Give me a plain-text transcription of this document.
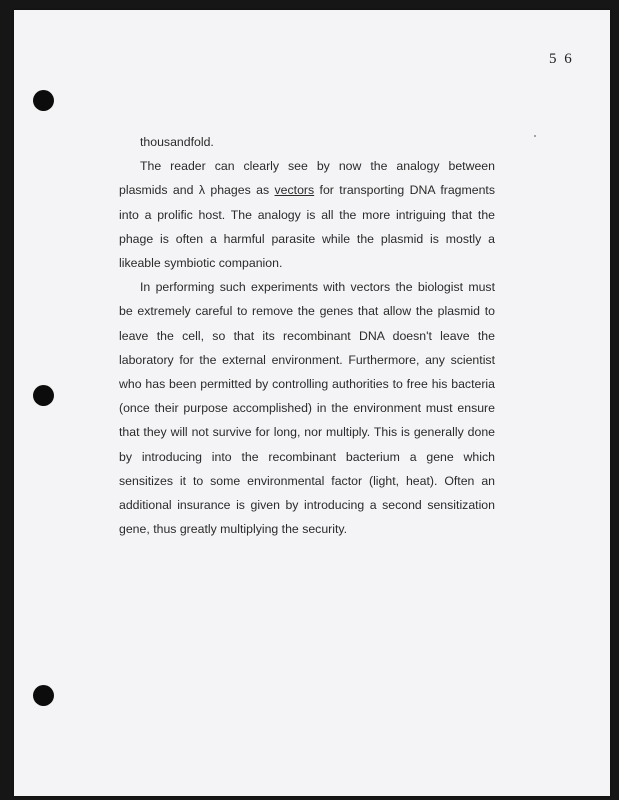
5 6

thousandfold.

The reader can clearly see by now the analogy between plasmids and λ phages as vectors for transporting DNA fragments into a prolific host. The analogy is all the more intriguing that the phage is often a harmful parasite while the plasmid is mostly a likeable symbiotic companion.

In performing such experiments with vectors the biologist must be extremely careful to remove the genes that allow the plasmid to leave the cell, so that its recombinant DNA doesn't leave the laboratory for the external environment. Furthermore, any scientist who has been permitted by controlling authorities to free his bacteria (once their purpose accomplished) in the environment must ensure that they will not survive for long, nor multiply. This is generally done by introducing into the recombinant bacterium a gene which sensitizes it to some environmental factor (light, heat). Often an additional insurance is given by introducing a second sensitization gene, thus greatly multiplying the security.
